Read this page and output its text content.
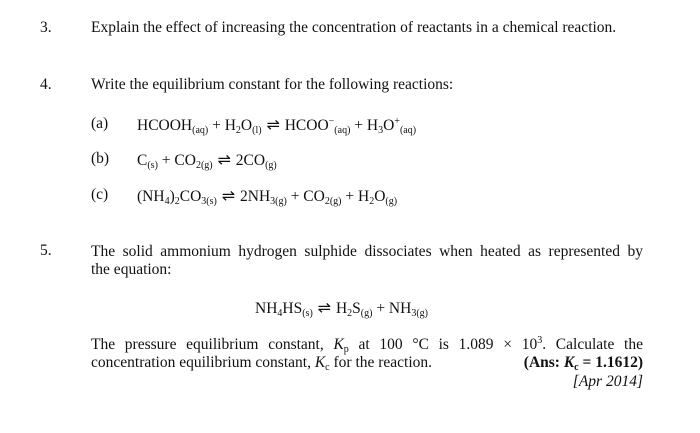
3.	Explain the effect of increasing the concentration of reactants in a chemical reaction.
4.	Write the equilibrium constant for the following reactions:
(a) $HCOOH_{(aq)} + H_2O_{(l)}$ ⇌ $HCOO^-_{(aq)} + H_3O^+_{(aq)}$
(b) $C_{(s)} + CO_{2(g)}$ ⇌ $2CO_{(g)}$
(c) $(NH_4)_2CO_{3(s)}$ ⇌ $2NH_{3(g)} + CO_{2(g)} + H_2O_{(g)}$
5.	The solid ammonium hydrogen sulphide dissociates when heated as represented by
the equation:
$NH_4HS_{(s)}$ ⇌ $H_2S_{(g)} + NH_{3(g)}$
The pressure equilibrium constant, $K_p$ at 100 °C is $1.089 \times 10^3$. Calculate the
concentration equilibrium constant, $K_c$ for the reaction.	(Ans: $K_c = 1.1612$)
[Apr 2014]
